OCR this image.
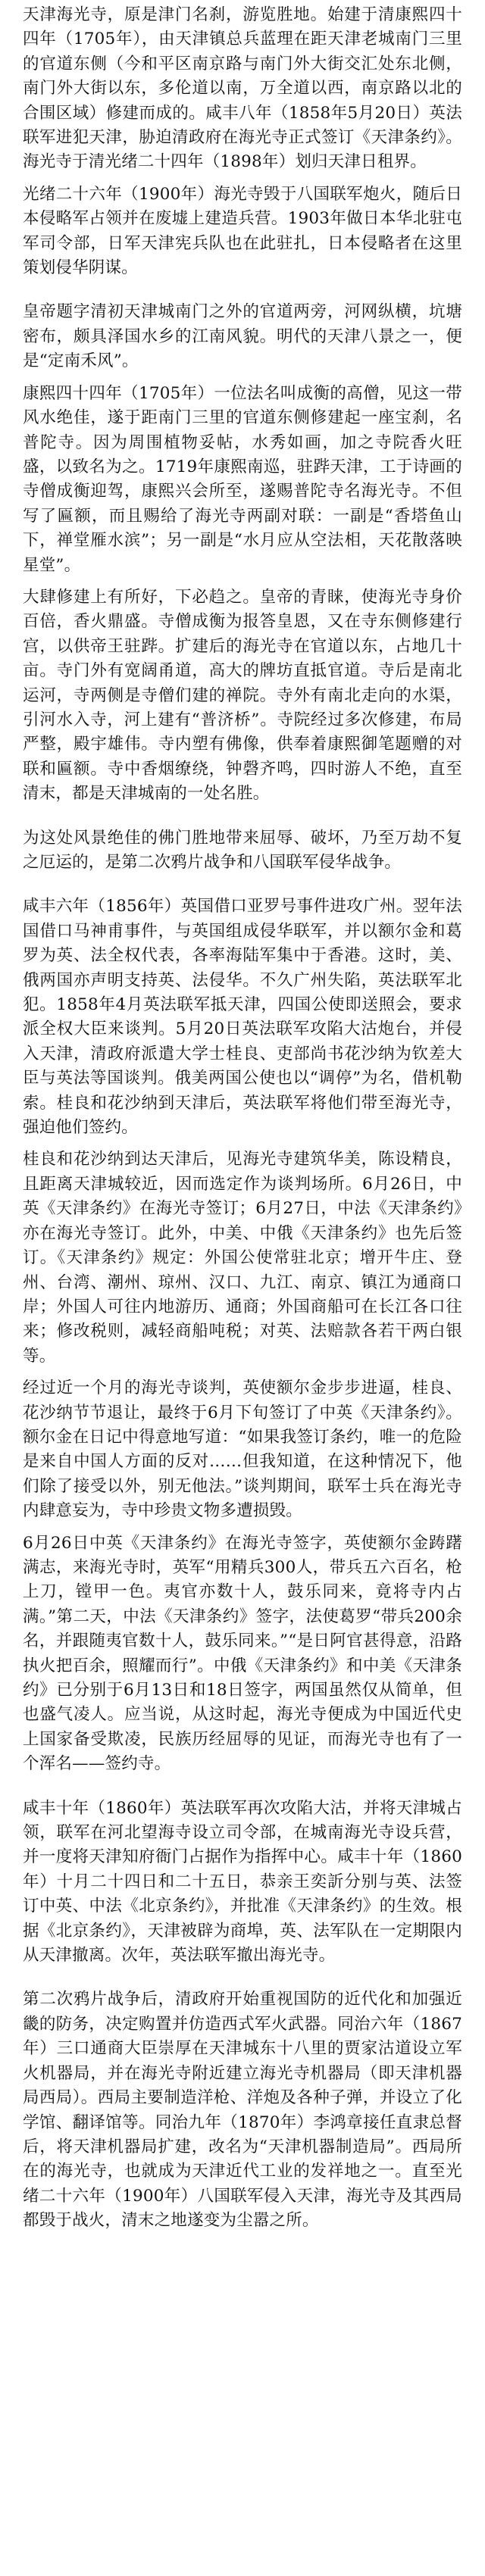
天津海光寺，原是津门名刹，游览胜地。始建于清康熙四十四年（1705年），由天津镇总兵蓝理在距天津老城南门三里的官道东侧（今和平区南京路与南门外大街交汇处东北侧，南门外大街以东，多伦道以南，万全道以西，南京路以北的合围区域）修建而成的。咸丰八年（1858年5月20日）英法联军进犯天津，胁迫清政府在海光寺正式签订《天津条约》。海光寺于清光绪二十四年（1898年）划归天津日租界。

光绪二十六年（1900年）海光寺毁于八国联军炮火，随后日本侵略军占领并在废墟上建造兵营。1903年做日本华北驻屯军司令部，日军天津宪兵队也在此驻扎，日本侵略者在这里策划侵华阴谋。

皇帝题字清初天津城南门之外的官道两旁，河网纵横，坑塘密布，颇具泽国水乡的江南风貌。明代的天津八景之一，便是“定南禾风”。

康熙四十四年（1705年）一位法名叫成衡的高僧，见这一带风水绝佳，遂于距南门三里的官道东侧修建起一座宝刹，名普陀寺。因为周围植物妥帖，水秀如画，加之寺院香火旺盛，以致名为之。1719年康熙南巡，驻跸天津，工于诗画的寺僧成衡迎驾，康熙兴会所至，遂赐普陀寺名海光寺。不但写了匾额，而且赐给了海光寺两副对联：一副是“香塔鱼山下，禅堂雁水滨”；另一副是“水月应从空法相，天花散落映星堂”。

大肆修建上有所好，下必趋之。皇帝的青睐，使海光寺身价百倍，香火鼎盛。寺僧成衡为报答皇恩，又在寺东侧修建行宫，以供帝王驻跸。扩建后的海光寺在官道以东，占地几十亩。寺门外有宽阔甬道，高大的牌坊直抵官道。寺后是南北运河，寺两侧是寺僧们建的禅院。寺外有南北走向的水渠，引河水入寺，河上建有“普济桥”。寺院经过多次修建，布局严整，殿宇雄伟。寺内塑有佛像，供奉着康熙御笔题赠的对联和匾额。寺中香烟缭绕，钟磬齐鸣，四时游人不绝，直至清末，都是天津城南的一处名胜。

为这处风景绝佳的佛门胜地带来屈辱、破坏，乃至万劫不复之厄运的，是第二次鸦片战争和八国联军侵华战争。

咸丰六年（1856年）英国借口亚罗号事件进攻广州。翌年法国借口马神甫事件，与英国组成侵华联军，并以额尔金和葛罗为英、法全权代表，各率海陆军集中于香港。这时，美、俄两国亦声明支持英、法侵华。不久广州失陷，英法联军北犯。1858年4月英法联军抵天津，四国公使即送照会，要求派全权大臣来谈判。5月20日英法联军攻陷大沽炮台，并侵入天津，清政府派遣大学士桂良、吏部尚书花沙纳为钦差大臣与英法等国谈判。俄美两国公使也以“调停”为名，借机勒索。桂良和花沙纳到天津后，英法联军将他们带至海光寺，强迫他们签约。

桂良和花沙纳到达天津后，见海光寺建筑华美，陈设精良，且距离天津城较近，因而选定作为谈判场所。6月26日，中英《天津条约》在海光寺签订；6月27日，中法《天津条约》亦在海光寺签订。此外，中美、中俄《天津条约》也先后签订。《天津条约》规定：外国公使常驻北京；增开牛庄、登州、台湾、潮州、琼州、汉口、九江、南京、镇江为通商口岸；外国人可往内地游历、通商；外国商船可在长江各口往来；修改税则，减轻商船吨税；对英、法赔款各若干两白银等。

经过近一个月的海光寺谈判，英使额尔金步步进逼，桂良、花沙纳节节退让，最终于6月下旬签订了中英《天津条约》。额尔金在日记中得意地写道：“如果我签订条约，唯一的危险是来自中国人方面的反对……但我知道，在这种情况下，他们除了接受以外，别无他法。”谈判期间，联军士兵在海光寺内肆意妄为，寺中珍贵文物多遭损毁。

6月26日中英《天津条约》在海光寺签字，英使额尔金踌躇满志，来海光寺时，英军“用精兵300人，带兵五六百名，枪上刀，镗甲一色。夷官亦数十人，鼓乐同来，竟将寺内占满。”第二天，中法《天津条约》签字，法使葛罗“带兵200余名，并跟随夷官数十人，鼓乐同来。”“是日阿官甚得意，沿路执火把百余，照耀而行”。中俄《天津条约》和中美《天津条约》已分别于6月13日和18日签字，两国虽然仅从简单，但也盛气凌人。应当说，从这时起，海光寺便成为中国近代史上国家备受欺凌，民族历经屈辱的见证，而海光寺也有了一个浑名——签约寺。

咸丰十年（1860年）英法联军再次攻陷大沽，并将天津城占领，联军在河北望海寺设立司令部，在城南海光寺设兵营，并一度将天津知府衙门占据作为指挥中心。咸丰十年（1860年）十月二十四日和二十五日，恭亲王奕訢分别与英、法签订中英、中法《北京条约》，并批准《天津条约》的生效。根据《北京条约》，天津被辟为商埠，英、法军队在一定期限内从天津撤离。次年，英法联军撤出海光寺。

第二次鸦片战争后，清政府开始重视国防的近代化和加强近畿的防务，决定购置并仿造西式军火武器。同治六年（1867年）三口通商大臣崇厚在天津城东十八里的贾家沽道设立军火机器局，并在海光寺附近建立海光寺机器局（即天津机器局西局）。西局主要制造洋枪、洋炮及各种子弹，并设立了化学馆、翻译馆等。同治九年（1870年）李鸿章接任直隶总督后，将天津机器局扩建，改名为“天津机器制造局”。西局所在的海光寺，也就成为天津近代工业的发祥地之一。直至光绪二十六年（1900年）八国联军侵入天津，海光寺及其西局都毁于战火，清末之地遂变为尘嚣之所。
